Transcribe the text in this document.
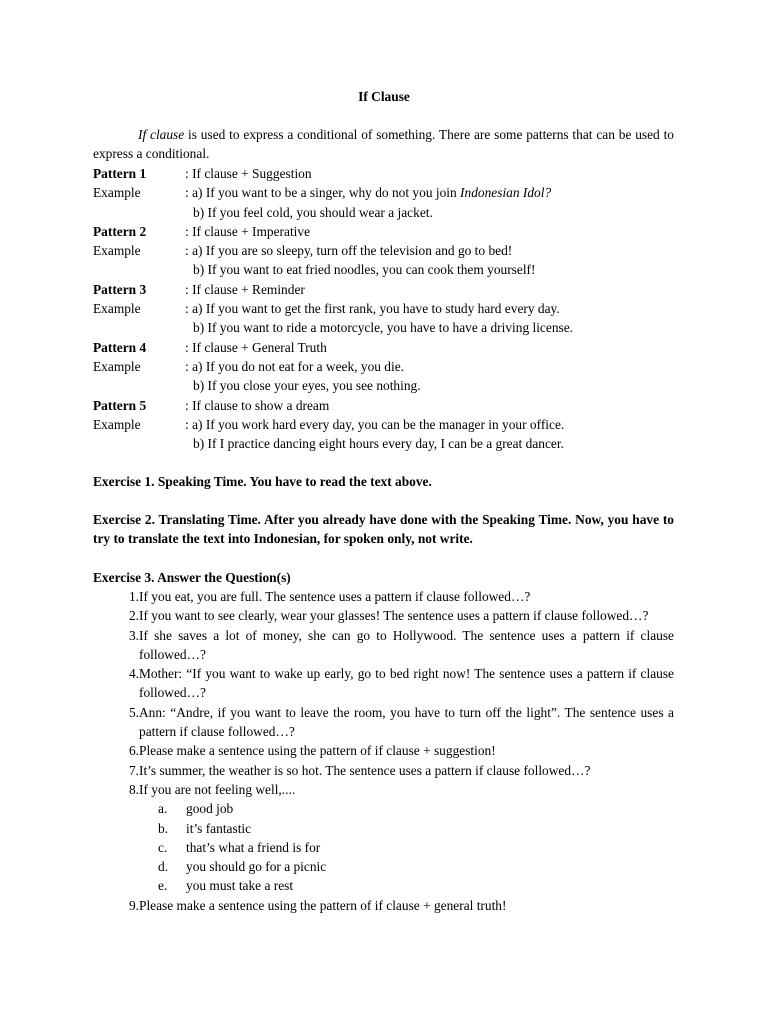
If Clause
If clause is used to express a conditional of something. There are some patterns that can be used to express a conditional.
Pattern 1	: If clause + Suggestion
Example	: a) If you want to be a singer, why do not you join Indonesian Idol?
b) If you feel cold, you should wear a jacket.
Pattern 2	: If clause + Imperative
Example	: a) If you are so sleepy, turn off the television and go to bed!
b) If you want to eat fried noodles, you can cook them yourself!
Pattern 3	: If clause + Reminder
Example	: a) If you want to get the first rank, you have to study hard every day.
b) If you want to ride a motorcycle, you have to have a driving license.
Pattern 4	: If clause + General Truth
Example	: a) If you do not eat for a week, you die.
b) If you close your eyes, you see nothing.
Pattern 5	: If clause to show a dream
Example	: a) If you work hard every day, you can be the manager in your office.
b) If I practice dancing eight hours every day, I can be a great dancer.
Exercise 1. Speaking Time. You have to read the text above.
Exercise 2. Translating Time. After you already have done with the Speaking Time. Now, you have to try to translate the text into Indonesian, for spoken only, not write.
Exercise 3. Answer the Question(s)
1. If you eat, you are full. The sentence uses a pattern if clause followed…?
2. If you want to see clearly, wear your glasses! The sentence uses a pattern if clause followed…?
3. If she saves a lot of money, she can go to Hollywood. The sentence uses a pattern if clause followed…?
4. Mother: “If you want to wake up early, go to bed right now! The sentence uses a pattern if clause followed…?
5. Ann: “Andre, if you want to leave the room, you have to turn off the light”. The sentence uses a pattern if clause followed…?
6. Please make a sentence using the pattern of if clause + suggestion!
7. It’s summer, the weather is so hot. The sentence uses a pattern if clause followed…?
8. If you are not feeling well,....
a.	good job
b.	it’s fantastic
c.	that’s what a friend is for
d.	you should go for a picnic
e.	you must take a rest
9. Please make a sentence using the pattern of if clause + general truth!
